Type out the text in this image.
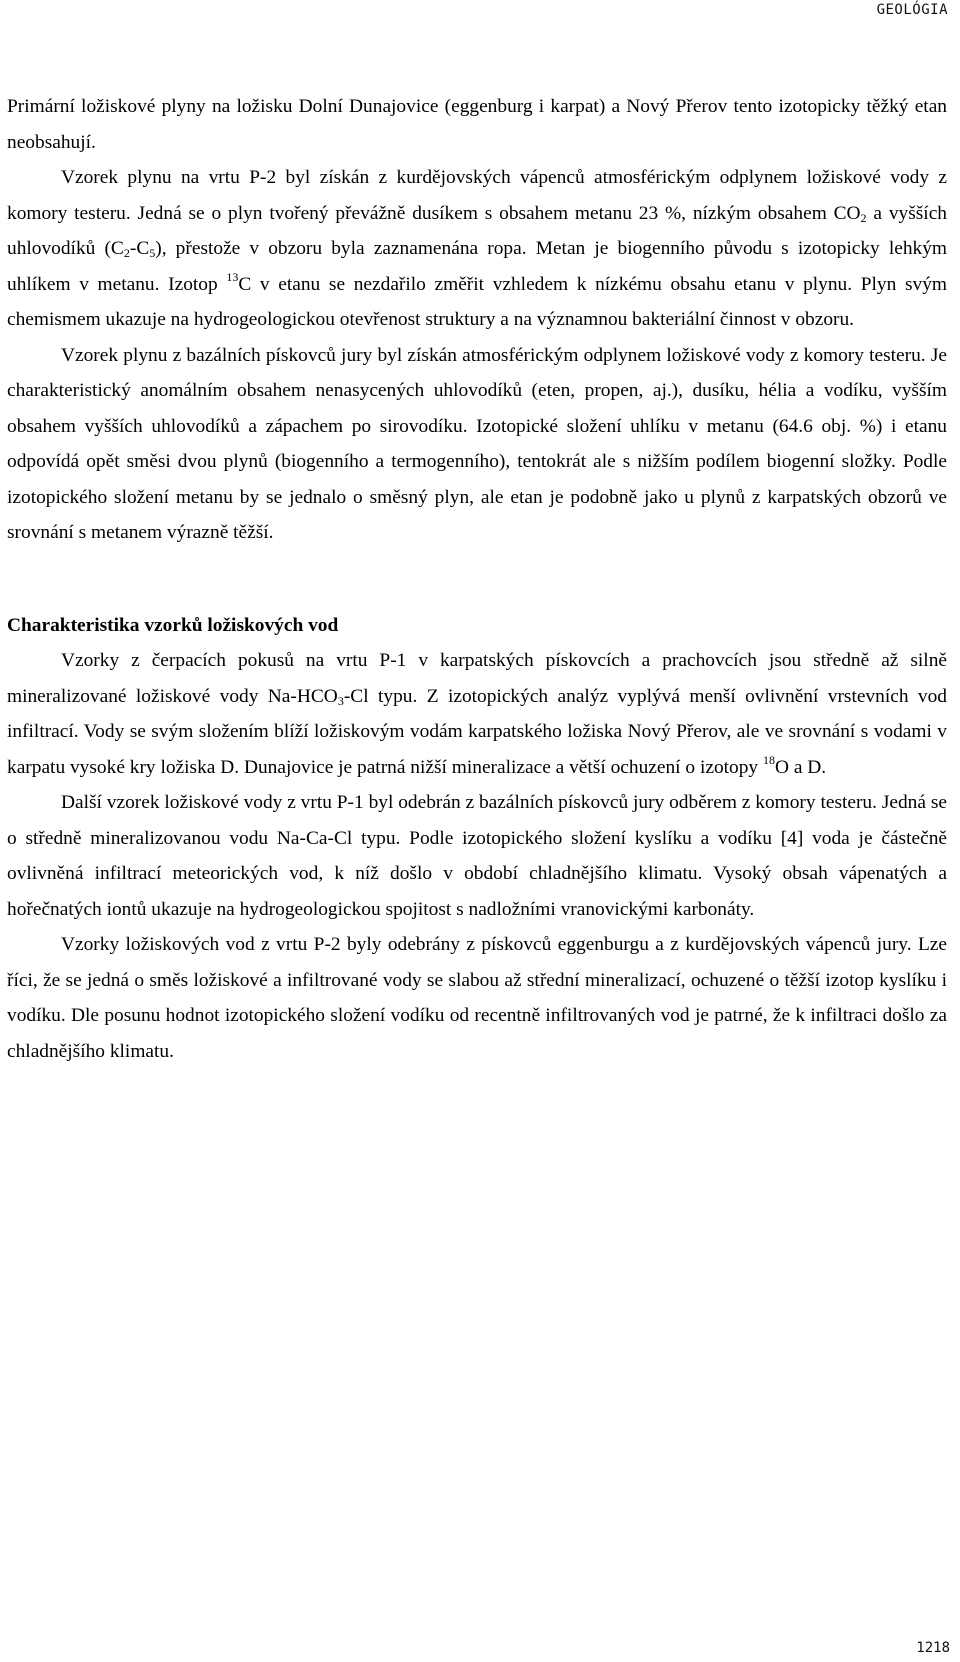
GEOLÓGIA

Primární ložiskové plyny na ložisku Dolní Dunajovice (eggenburg i karpat) a Nový Přerov tento izotopicky těžký etan neobsahují.

Vzorek plynu na vrtu P-2 byl získán z kurdějovských vápenců atmosférickým odplynem ložiskové vody z komory testeru. Jedná se o plyn tvořený převážně dusíkem s obsahem metanu 23 %, nízkým obsahem $CO_2$ a vyšších uhlovodíků $(C_2-C_5)$, přestože v obzoru byla zaznamenána ropa. Metan je biogenního původu s izotopicky lehkým uhlíkem v metanu. Izotop $^{13}$C v etanu se nezdařilo změřit vzhledem k nízkému obsahu etanu v plynu. Plyn svým chemismem ukazuje na hydrogeologickou otevřenost struktury a na významnou bakteriální činnost v obzoru.

Vzorek plynu z bazálních pískovců jury byl získán atmosférickým odplynem ložiskové vody z komory testeru. Je charakteristický anomálním obsahem nenasycených uhlovodíků (eten, propen, aj.), dusíku, hélia a vodíku, vyšším obsahem vyšších uhlovodíků a zápachem po sirovodíku. Izotopické složení uhlíku v metanu (64.6 obj. %) i etanu odpovídá opět směsi dvou plynů (biogenního a termogenního), tentokrát ale s nižším podílem biogenní složky. Podle izotopického složení metanu by se jednalo o směsný plyn, ale etan je podobně jako u plynů z karpatských obzorů ve srovnání s metanem výrazně těžší.

Charakteristika vzorků ložiskových vod

Vzorky z čerpacích pokusů na vrtu P-1 v karpatských pískovcích a prachovcích jsou středně až silně mineralizované ložiskové vody $Na-HCO_3-Cl$ typu. Z izotopických analýz vyplývá menší ovlivnění vrstevních vod infiltrací. Vody se svým složením blíží ložiskovým vodám karpatského ložiska Nový Přerov, ale ve srovnání s vodami v karpatu vysoké kry ložiska D. Dunajovice je patrná nižší mineralizace a větší ochuzení o izotopy $^{18}$O a D.

Další vzorek ložiskové vody z vrtu P-1 byl odebrán z bazálních pískovců jury odběrem z komory testeru. Jedná se o středně mineralizovanou vodu Na-Ca-Cl typu. Podle izotopického složení kyslíku a vodíku [4] voda je částečně ovlivněná infiltrací meteorických vod, k níž došlo v období chladnějšího klimatu. Vysoký obsah vápenatých a hořečnatých iontů ukazuje na hydrogeologickou spojitost s nadložními vranovickými karbonáty.

Vzorky ložiskových vod z vrtu P-2 byly odebrány z pískovců eggenburgu a z kurdějovských vápenců jury. Lze říci, že se jedná o směs ložiskové a infiltrované vody se slabou až střední mineralizací, ochuzené o těžší izotop kyslíku i vodíku. Dle posunu hodnot izotopického složení vodíku od recentně infiltrovaných vod je patrné, že k infiltraci došlo za chladnějšího klimatu.

1218
